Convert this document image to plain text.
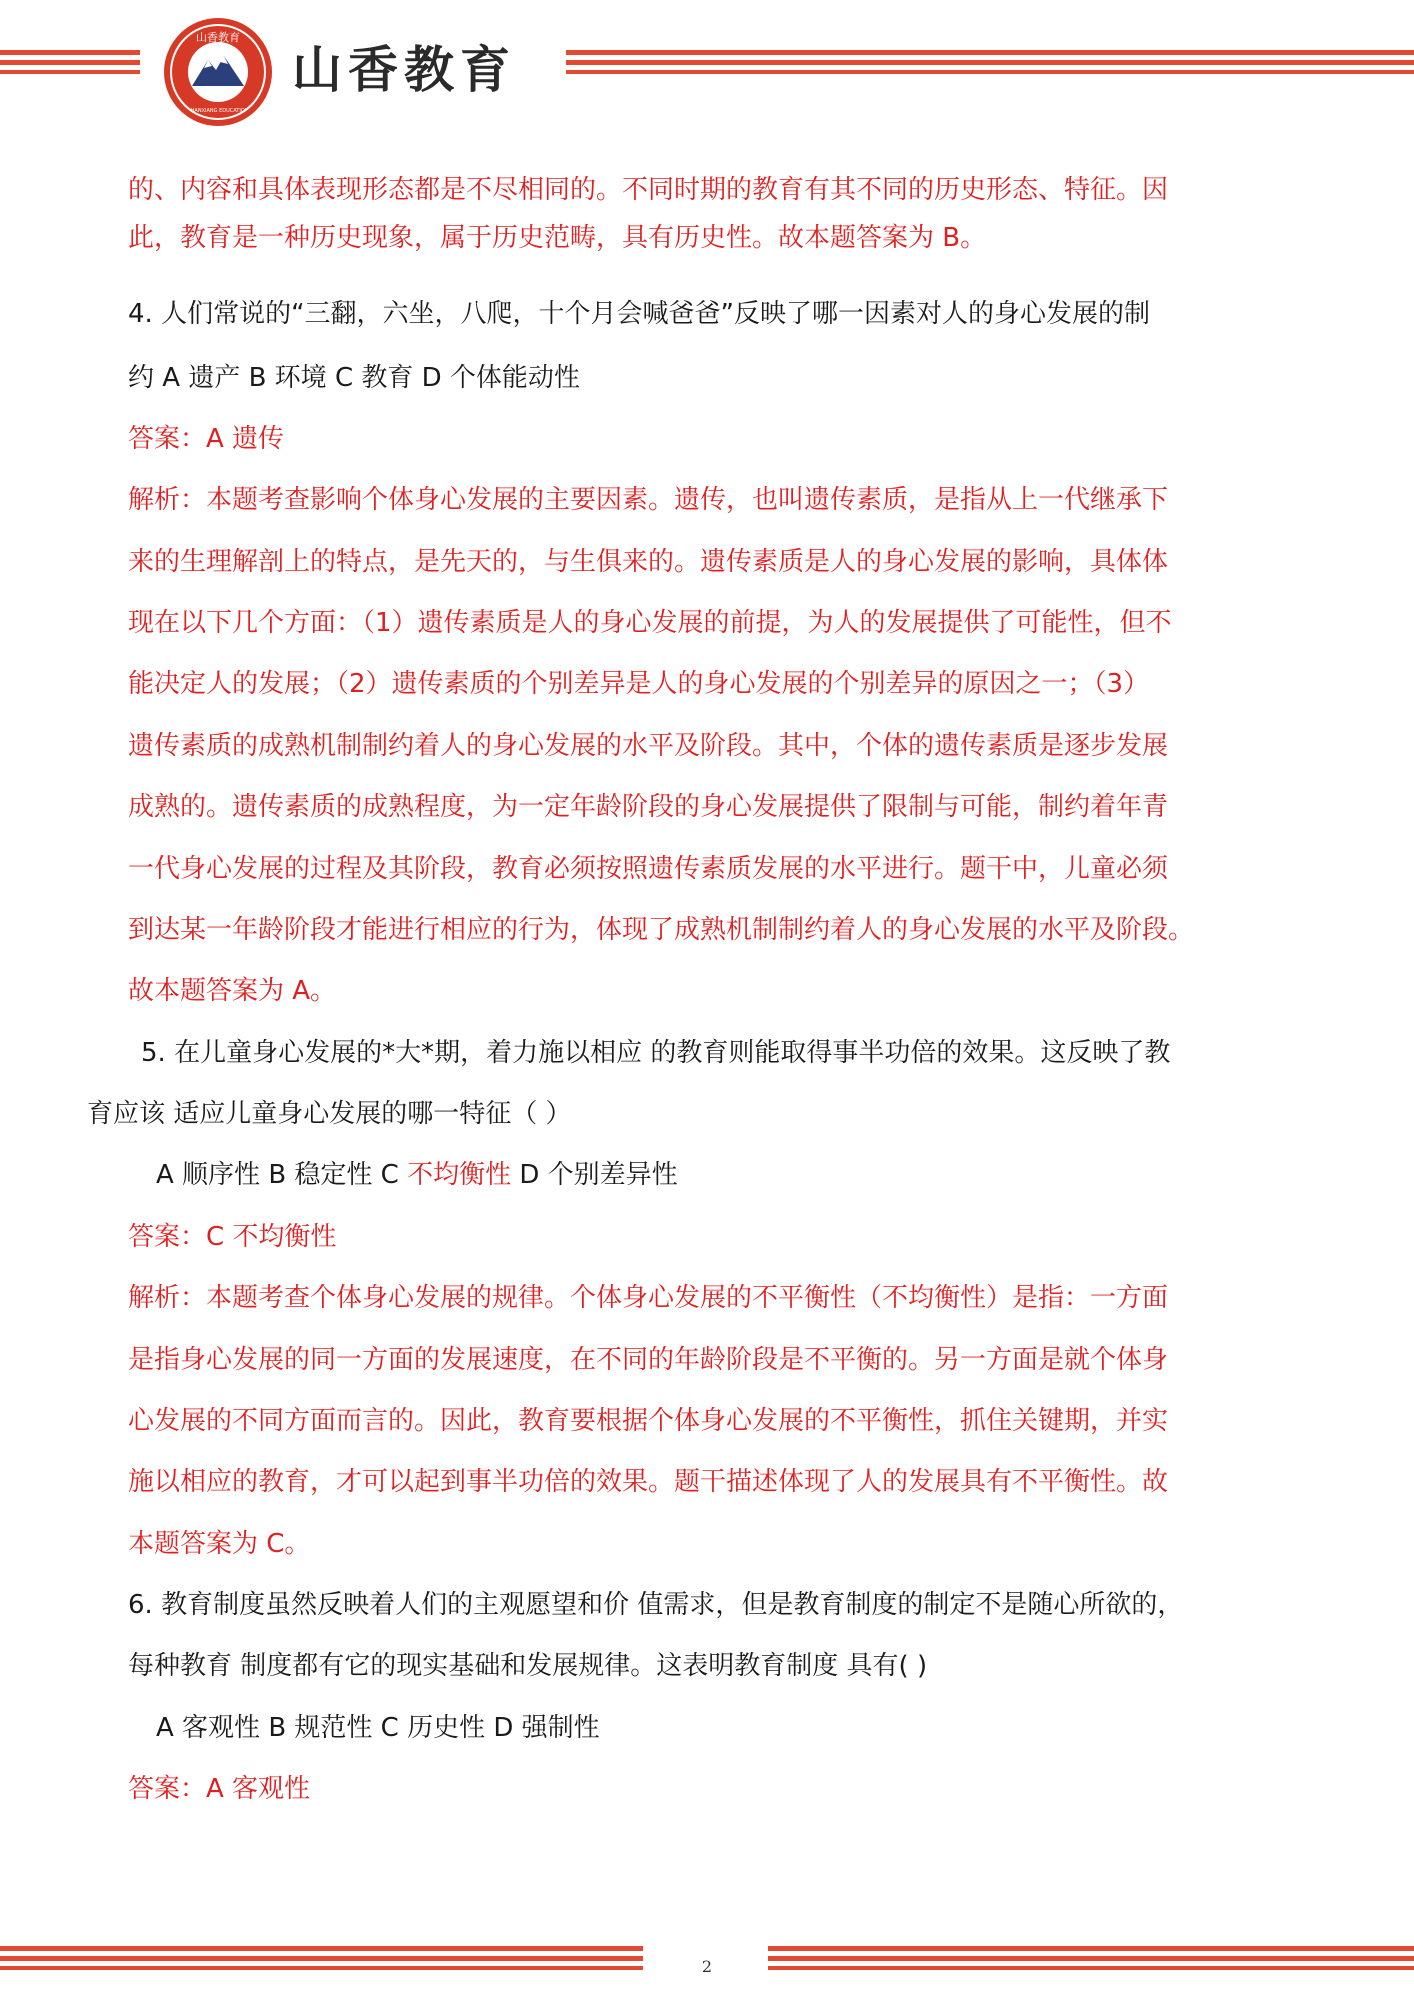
山香教育
SHANXIANG EDUCATION
山香教育
的、内容和具体表现形态都是不尽相同的。不同时期的教育有其不同的历史形态、特征。因
此，教育是一种历史现象，属于历史范畴，具有历史性。故本题答案为 B。
4. 人们常说的“三翻，六坐，八爬，十个月会喊爸爸”反映了哪一因素对人的身心发展的制
约 A 遗产 B 环境 C 教育 D 个体能动性
答案：A 遗传
解析：本题考查影响个体身心发展的主要因素。遗传，也叫遗传素质，是指从上一代继承下
来的生理解剖上的特点，是先天的，与生俱来的。遗传素质是人的身心发展的影响，具体体
现在以下几个方面：（1）遗传素质是人的身心发展的前提，为人的发展提供了可能性，但不
能决定人的发展；（2）遗传素质的个别差异是人的身心发展的个别差异的原因之一；（3）
遗传素质的成熟机制制约着人的身心发展的水平及阶段。其中，个体的遗传素质是逐步发展
成熟的。遗传素质的成熟程度，为一定年龄阶段的身心发展提供了限制与可能，制约着年青
一代身心发展的过程及其阶段，教育必须按照遗传素质发展的水平进行。题干中，儿童必须
到达某一年龄阶段才能进行相应的行为，体现了成熟机制制约着人的身心发展的水平及阶段。
故本题答案为 A。
5. 在儿童身心发展的*大*期，着力施以相应 的教育则能取得事半功倍的效果。这反映了教
育应该 适应儿童身心发展的哪一特征（ ）
A 顺序性 B 稳定性 C 不均衡性 D 个别差异性
答案：C 不均衡性
解析：本题考查个体身心发展的规律。个体身心发展的不平衡性（不均衡性）是指：一方面
是指身心发展的同一方面的发展速度，在不同的年龄阶段是不平衡的。另一方面是就个体身
心发展的不同方面而言的。因此，教育要根据个体身心发展的不平衡性，抓住关键期，并实
施以相应的教育，才可以起到事半功倍的效果。题干描述体现了人的发展具有不平衡性。故
本题答案为 C。
6. 教育制度虽然反映着人们的主观愿望和价 值需求，但是教育制度的制定不是随心所欲的，
每种教育 制度都有它的现实基础和发展规律。这表明教育制度 具有( )
A 客观性 B 规范性 C 历史性 D 强制性
答案：A 客观性
2
